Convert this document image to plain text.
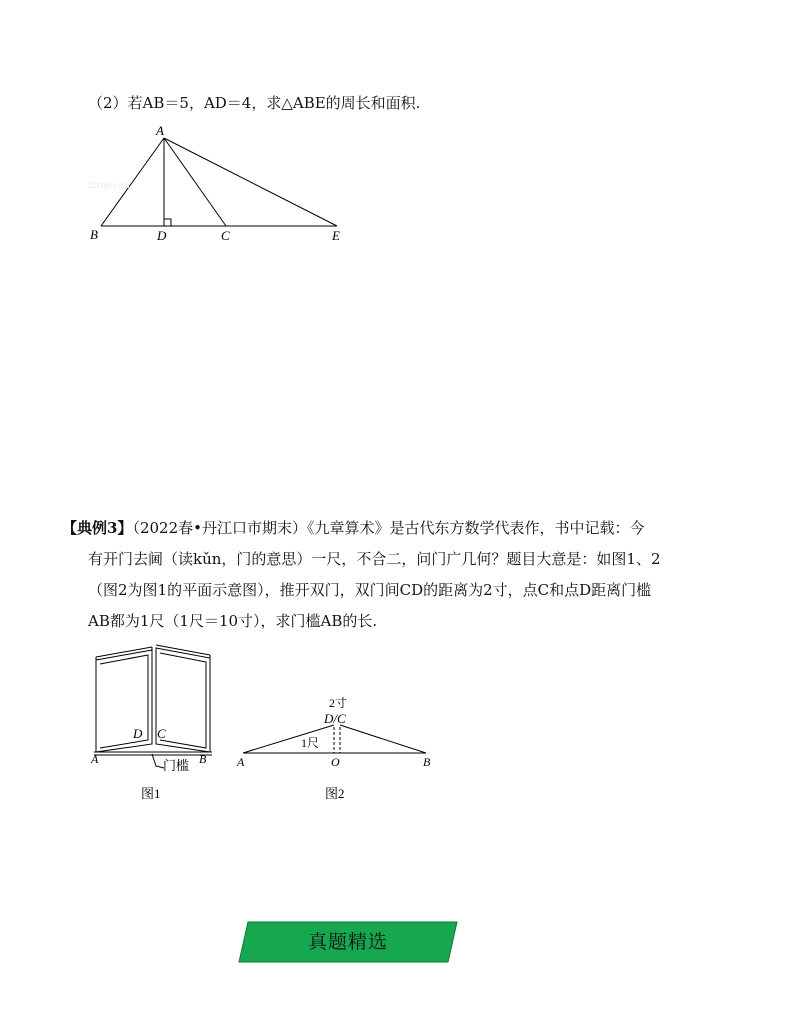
（2）若AB＝5，AD＝4，求△ABE的周长和面积.
21cnjy.com
A
B	D	C	E
【典例3】（2022春•丹江口市期末）《九章算术》是古代东方数学代表作，书中记载：今
有开门去阃（读kǔn，门的意思）一尺，不合二，问门广几何？题目大意是：如图1、2
（图2为图1的平面示意图），推开双门，双门间CD的距离为2寸，点C和点D距离门槛
AB都为1尺（1尺＝10寸），求门槛AB的长.
D C
A	B
门槛
图1
2寸
D/C
1尺
A	O	B
图2
真题精选
